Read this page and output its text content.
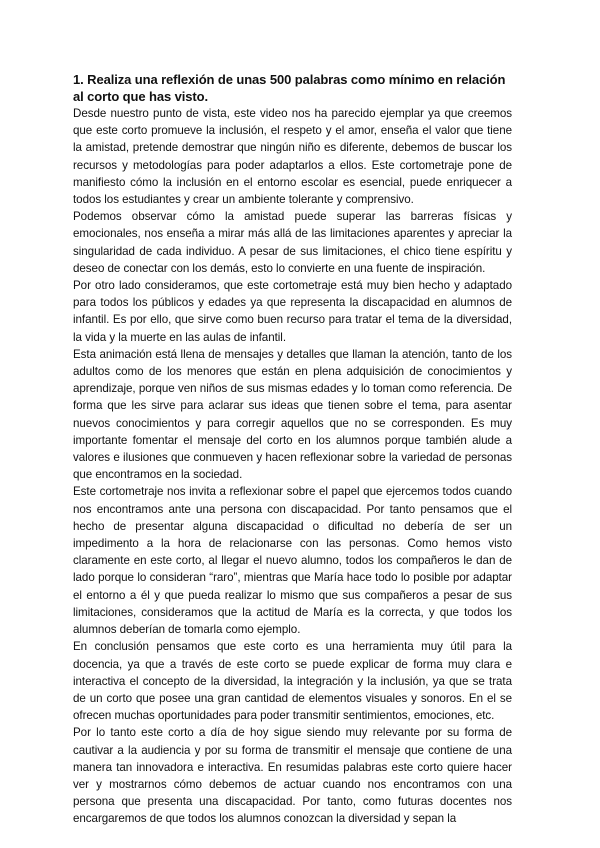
1. Realiza una reflexión de unas 500 palabras como mínimo en relación al corto que has visto.

Desde nuestro punto de vista, este video nos ha parecido ejemplar ya que creemos que este corto promueve la inclusión, el respeto y el amor, enseña el valor que tiene la amistad, pretende demostrar que ningún niño es diferente, debemos de buscar los recursos y metodologías para poder adaptarlos a ellos. Este cortometraje pone de manifiesto cómo la inclusión en el entorno escolar es esencial, puede enriquecer a todos los estudiantes y crear un ambiente tolerante y comprensivo.

Podemos observar cómo la amistad puede superar las barreras físicas y emocionales, nos enseña a mirar más allá de las limitaciones aparentes y apreciar la singularidad de cada individuo. A pesar de sus limitaciones, el chico tiene espíritu y deseo de conectar con los demás, esto lo convierte en una fuente de inspiración.

Por otro lado consideramos, que este cortometraje está muy bien hecho y adaptado para todos los públicos y edades ya que representa la discapacidad en alumnos de infantil. Es por ello, que sirve como buen recurso para tratar el tema de la diversidad, la vida y la muerte en las aulas de infantil.

Esta animación está llena de mensajes y detalles que llaman la atención, tanto de los adultos como de los menores que están en plena adquisición de conocimientos y aprendizaje, porque ven niños de sus mismas edades y lo toman como referencia. De forma que les sirve para aclarar sus ideas que tienen sobre el tema, para asentar nuevos conocimientos y para corregir aquellos que no se corresponden. Es muy importante fomentar el mensaje del corto en los alumnos porque también alude a valores e ilusiones que conmueven y hacen reflexionar sobre la variedad de personas que encontramos en la sociedad.

Este cortometraje nos invita a reflexionar sobre el papel que ejercemos todos cuando nos encontramos ante una persona con discapacidad. Por tanto pensamos que el hecho de presentar alguna discapacidad o dificultad no debería de ser un impedimento a la hora de relacionarse con las personas. Como hemos visto claramente en este corto, al llegar el nuevo alumno, todos los compañeros le dan de lado porque lo consideran “raro”, mientras que María hace todo lo posible por adaptar el entorno a él y que pueda realizar lo mismo que sus compañeros a pesar de sus limitaciones, consideramos que la actitud de María es la correcta, y que todos los alumnos deberían de tomarla como ejemplo.

En conclusión pensamos que este corto es una herramienta muy útil para la docencia, ya que a través de este corto se puede explicar de forma muy clara e interactiva el concepto de la diversidad, la integración y la inclusión, ya que se trata de un corto que posee una gran cantidad de elementos visuales y sonoros. En el se ofrecen muchas oportunidades para poder transmitir sentimientos, emociones, etc.

Por lo tanto este corto a día de hoy sigue siendo muy relevante por su forma de cautivar a la audiencia y por su forma de transmitir el mensaje que contiene de una manera tan innovadora e interactiva. En resumidas palabras este corto quiere hacer ver y mostrarnos cómo debemos de actuar cuando nos encontramos con una persona que presenta una discapacidad. Por tanto, como futuras docentes nos encargaremos de que todos los alumnos conozcan la diversidad y sepan la
